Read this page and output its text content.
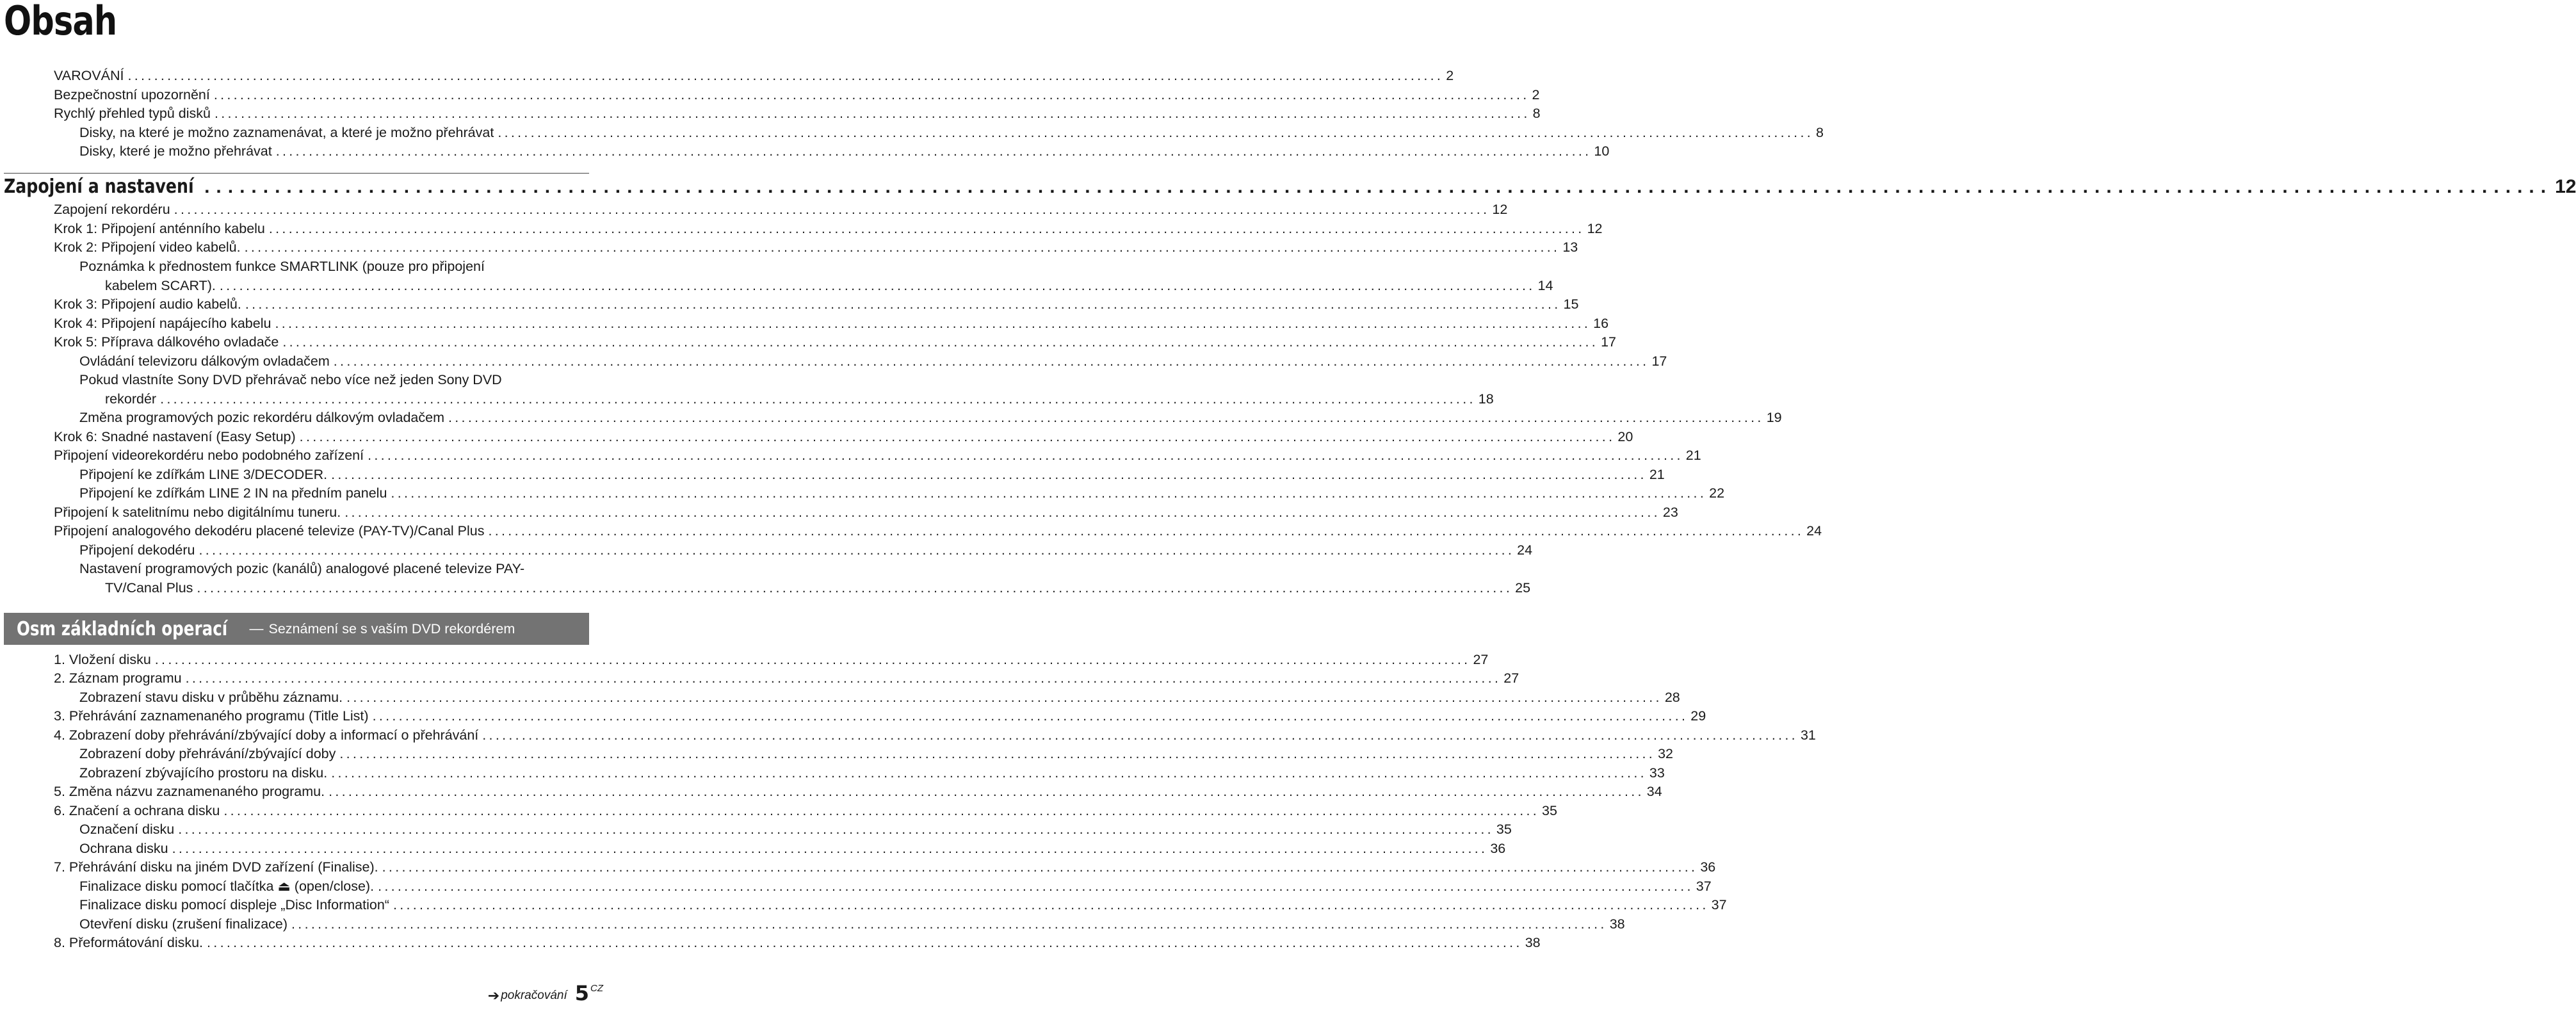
Obsah
VAROVÁNÍ ........................................................................................................................................................................................................ 2
Bezpečnostní upozornění ........................................................................................................................................................................................................ 2
Rychlý přehled typů disků ........................................................................................................................................................................................................ 8
Disky, na které je možno zaznamenávat, a které je možno přehrávat ........................................................................................................................................................................................................ 8
Disky, které je možno přehrávat ........................................................................................................................................................................................................ 10
Zapojení a nastavení ........................................................................................................................................................................................................ 12
Zapojení rekordéru ........................................................................................................................................................................................................ 12
Krok 1: Připojení anténního kabelu ........................................................................................................................................................................................................ 12
Krok 2: Připojení video kabelů. ........................................................................................................................................................................................................ 13
Poznámka k přednostem funkce SMARTLINK (pouze pro připojení
kabelem SCART). ........................................................................................................................................................................................................ 14
Krok 3: Připojení audio kabelů. ........................................................................................................................................................................................................ 15
Krok 4: Připojení napájecího kabelu ........................................................................................................................................................................................................ 16
Krok 5: Příprava dálkového ovladače ........................................................................................................................................................................................................ 17
Ovládání televizoru dálkovým ovladačem ........................................................................................................................................................................................................ 17
Pokud vlastníte Sony DVD přehrávač nebo více než jeden Sony DVD
rekordér ........................................................................................................................................................................................................ 18
Změna programových pozic rekordéru dálkovým ovladačem ........................................................................................................................................................................................................ 19
Krok 6: Snadné nastavení (Easy Setup) ........................................................................................................................................................................................................ 20
Připojení videorekordéru nebo podobného zařízení ........................................................................................................................................................................................................ 21
Připojení ke zdířkám LINE 3/DECODER. ........................................................................................................................................................................................................ 21
Připojení ke zdířkám LINE 2 IN na předním panelu ........................................................................................................................................................................................................ 22
Připojení k satelitnímu nebo digitálnímu tuneru. ........................................................................................................................................................................................................ 23
Připojení analogového dekodéru placené televize (PAY-TV)/Canal Plus ........................................................................................................................................................................................................ 24
Připojení dekodéru ........................................................................................................................................................................................................ 24
Nastavení programových pozic (kanálů) analogové placené televize PAY-
TV/Canal Plus ........................................................................................................................................................................................................ 25
Osm základních operací — Seznámení se s vaším DVD rekordérem
1. Vložení disku ........................................................................................................................................................................................................ 27
2. Záznam programu ........................................................................................................................................................................................................ 27
Zobrazení stavu disku v průběhu záznamu. ........................................................................................................................................................................................................ 28
3. Přehrávání zaznamenaného programu (Title List) ........................................................................................................................................................................................................ 29
4. Zobrazení doby přehrávání/zbývající doby a informací o přehrávání ........................................................................................................................................................................................................ 31
Zobrazení doby přehrávání/zbývající doby ........................................................................................................................................................................................................ 32
Zobrazení zbývajícího prostoru na disku. ........................................................................................................................................................................................................ 33
5. Změna názvu zaznamenaného programu. ........................................................................................................................................................................................................ 34
6. Značení a ochrana disku ........................................................................................................................................................................................................ 35
Označení disku ........................................................................................................................................................................................................ 35
Ochrana disku ........................................................................................................................................................................................................ 36
7. Přehrávání disku na jiném DVD zařízení (Finalise). ........................................................................................................................................................................................................ 36
Finalizace disku pomocí tlačítka ⏏ (open/close). ........................................................................................................................................................................................................ 37
Finalizace disku pomocí displeje „Disc Information“ ........................................................................................................................................................................................................ 37
Otevření disku (zrušení finalizace) ........................................................................................................................................................................................................ 38
8. Přeformátování disku. ........................................................................................................................................................................................................ 38
➔ pokračování 5 CZ
